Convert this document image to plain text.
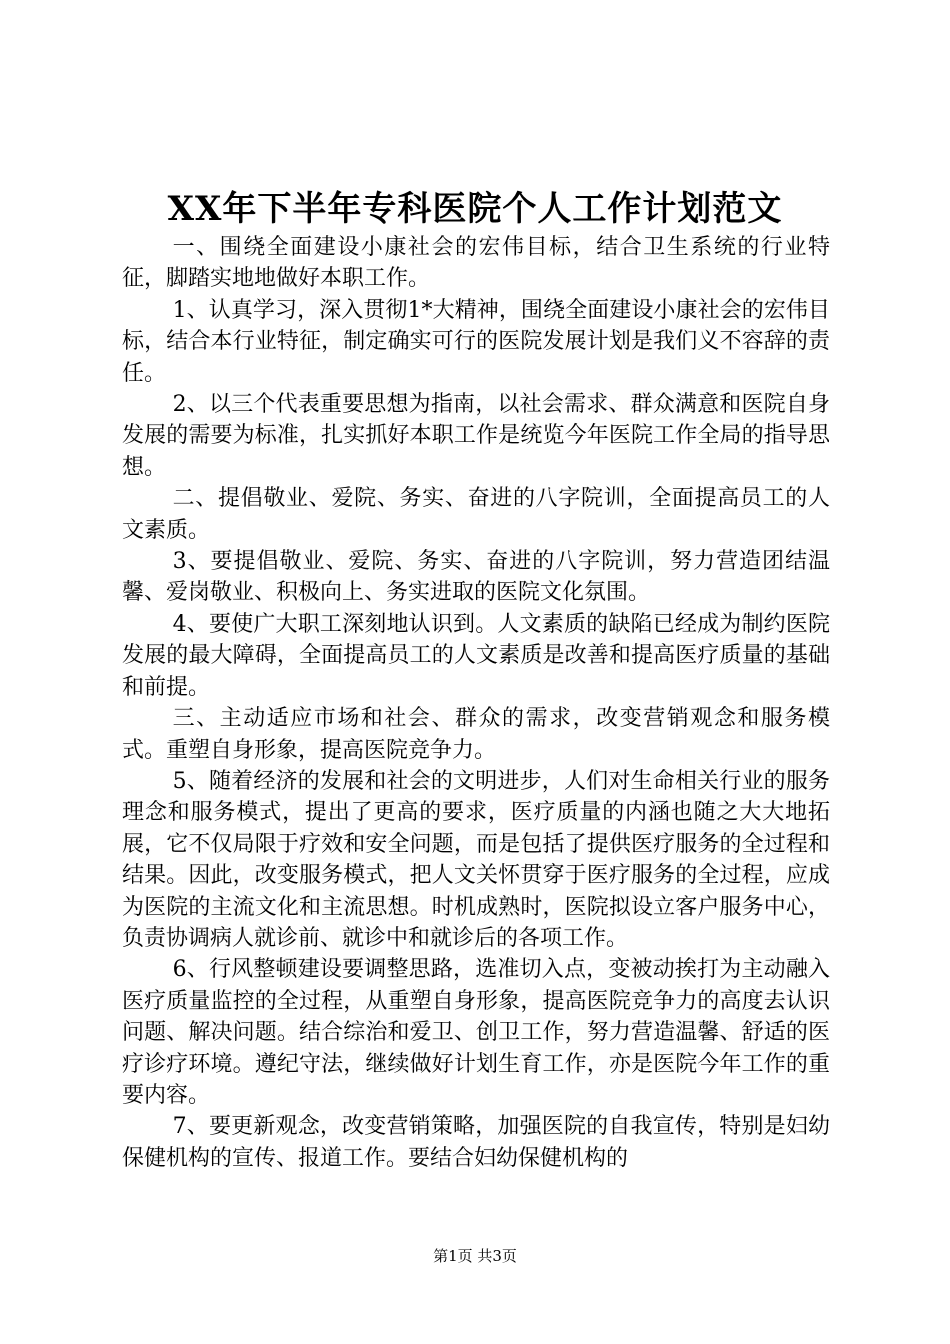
XX年下半年专科医院个人工作计划范文

一、围绕全面建设小康社会的宏伟目标，结合卫生系统的行业特征，脚踏实地地做好本职工作。

1、认真学习，深入贯彻1*大精神，围绕全面建设小康社会的宏伟目标，结合本行业特征，制定确实可行的医院发展计划是我们义不容辞的责任。

2、以三个代表重要思想为指南，以社会需求、群众满意和医院自身发展的需要为标准，扎实抓好本职工作是统览今年医院工作全局的指导思想。

二、提倡敬业、爱院、务实、奋进的八字院训，全面提高员工的人文素质。

3、要提倡敬业、爱院、务实、奋进的八字院训，努力营造团结温馨、爱岗敬业、积极向上、务实进取的医院文化氛围。

4、要使广大职工深刻地认识到。人文素质的缺陷已经成为制约医院发展的最大障碍，全面提高员工的人文素质是改善和提高医疗质量的基础和前提。

三、主动适应市场和社会、群众的需求，改变营销观念和服务模式。重塑自身形象，提高医院竞争力。

5、随着经济的发展和社会的文明进步，人们对生命相关行业的服务理念和服务模式，提出了更高的要求，医疗质量的内涵也随之大大地拓展，它不仅局限于疗效和安全问题，而是包括了提供医疗服务的全过程和结果。因此，改变服务模式，把人文关怀贯穿于医疗服务的全过程，应成为医院的主流文化和主流思想。时机成熟时，医院拟设立客户服务中心，负责协调病人就诊前、就诊中和就诊后的各项工作。

6、行风整顿建设要调整思路，选准切入点，变被动挨打为主动融入医疗质量监控的全过程，从重塑自身形象，提高医院竞争力的高度去认识问题、解决问题。结合综治和爱卫、创卫工作，努力营造温馨、舒适的医疗诊疗环境。遵纪守法，继续做好计划生育工作，亦是医院今年工作的重要内容。

7、要更新观念，改变营销策略，加强医院的自我宣传，特别是妇幼保健机构的宣传、报道工作。要结合妇幼保健机构的

第1页 共3页
